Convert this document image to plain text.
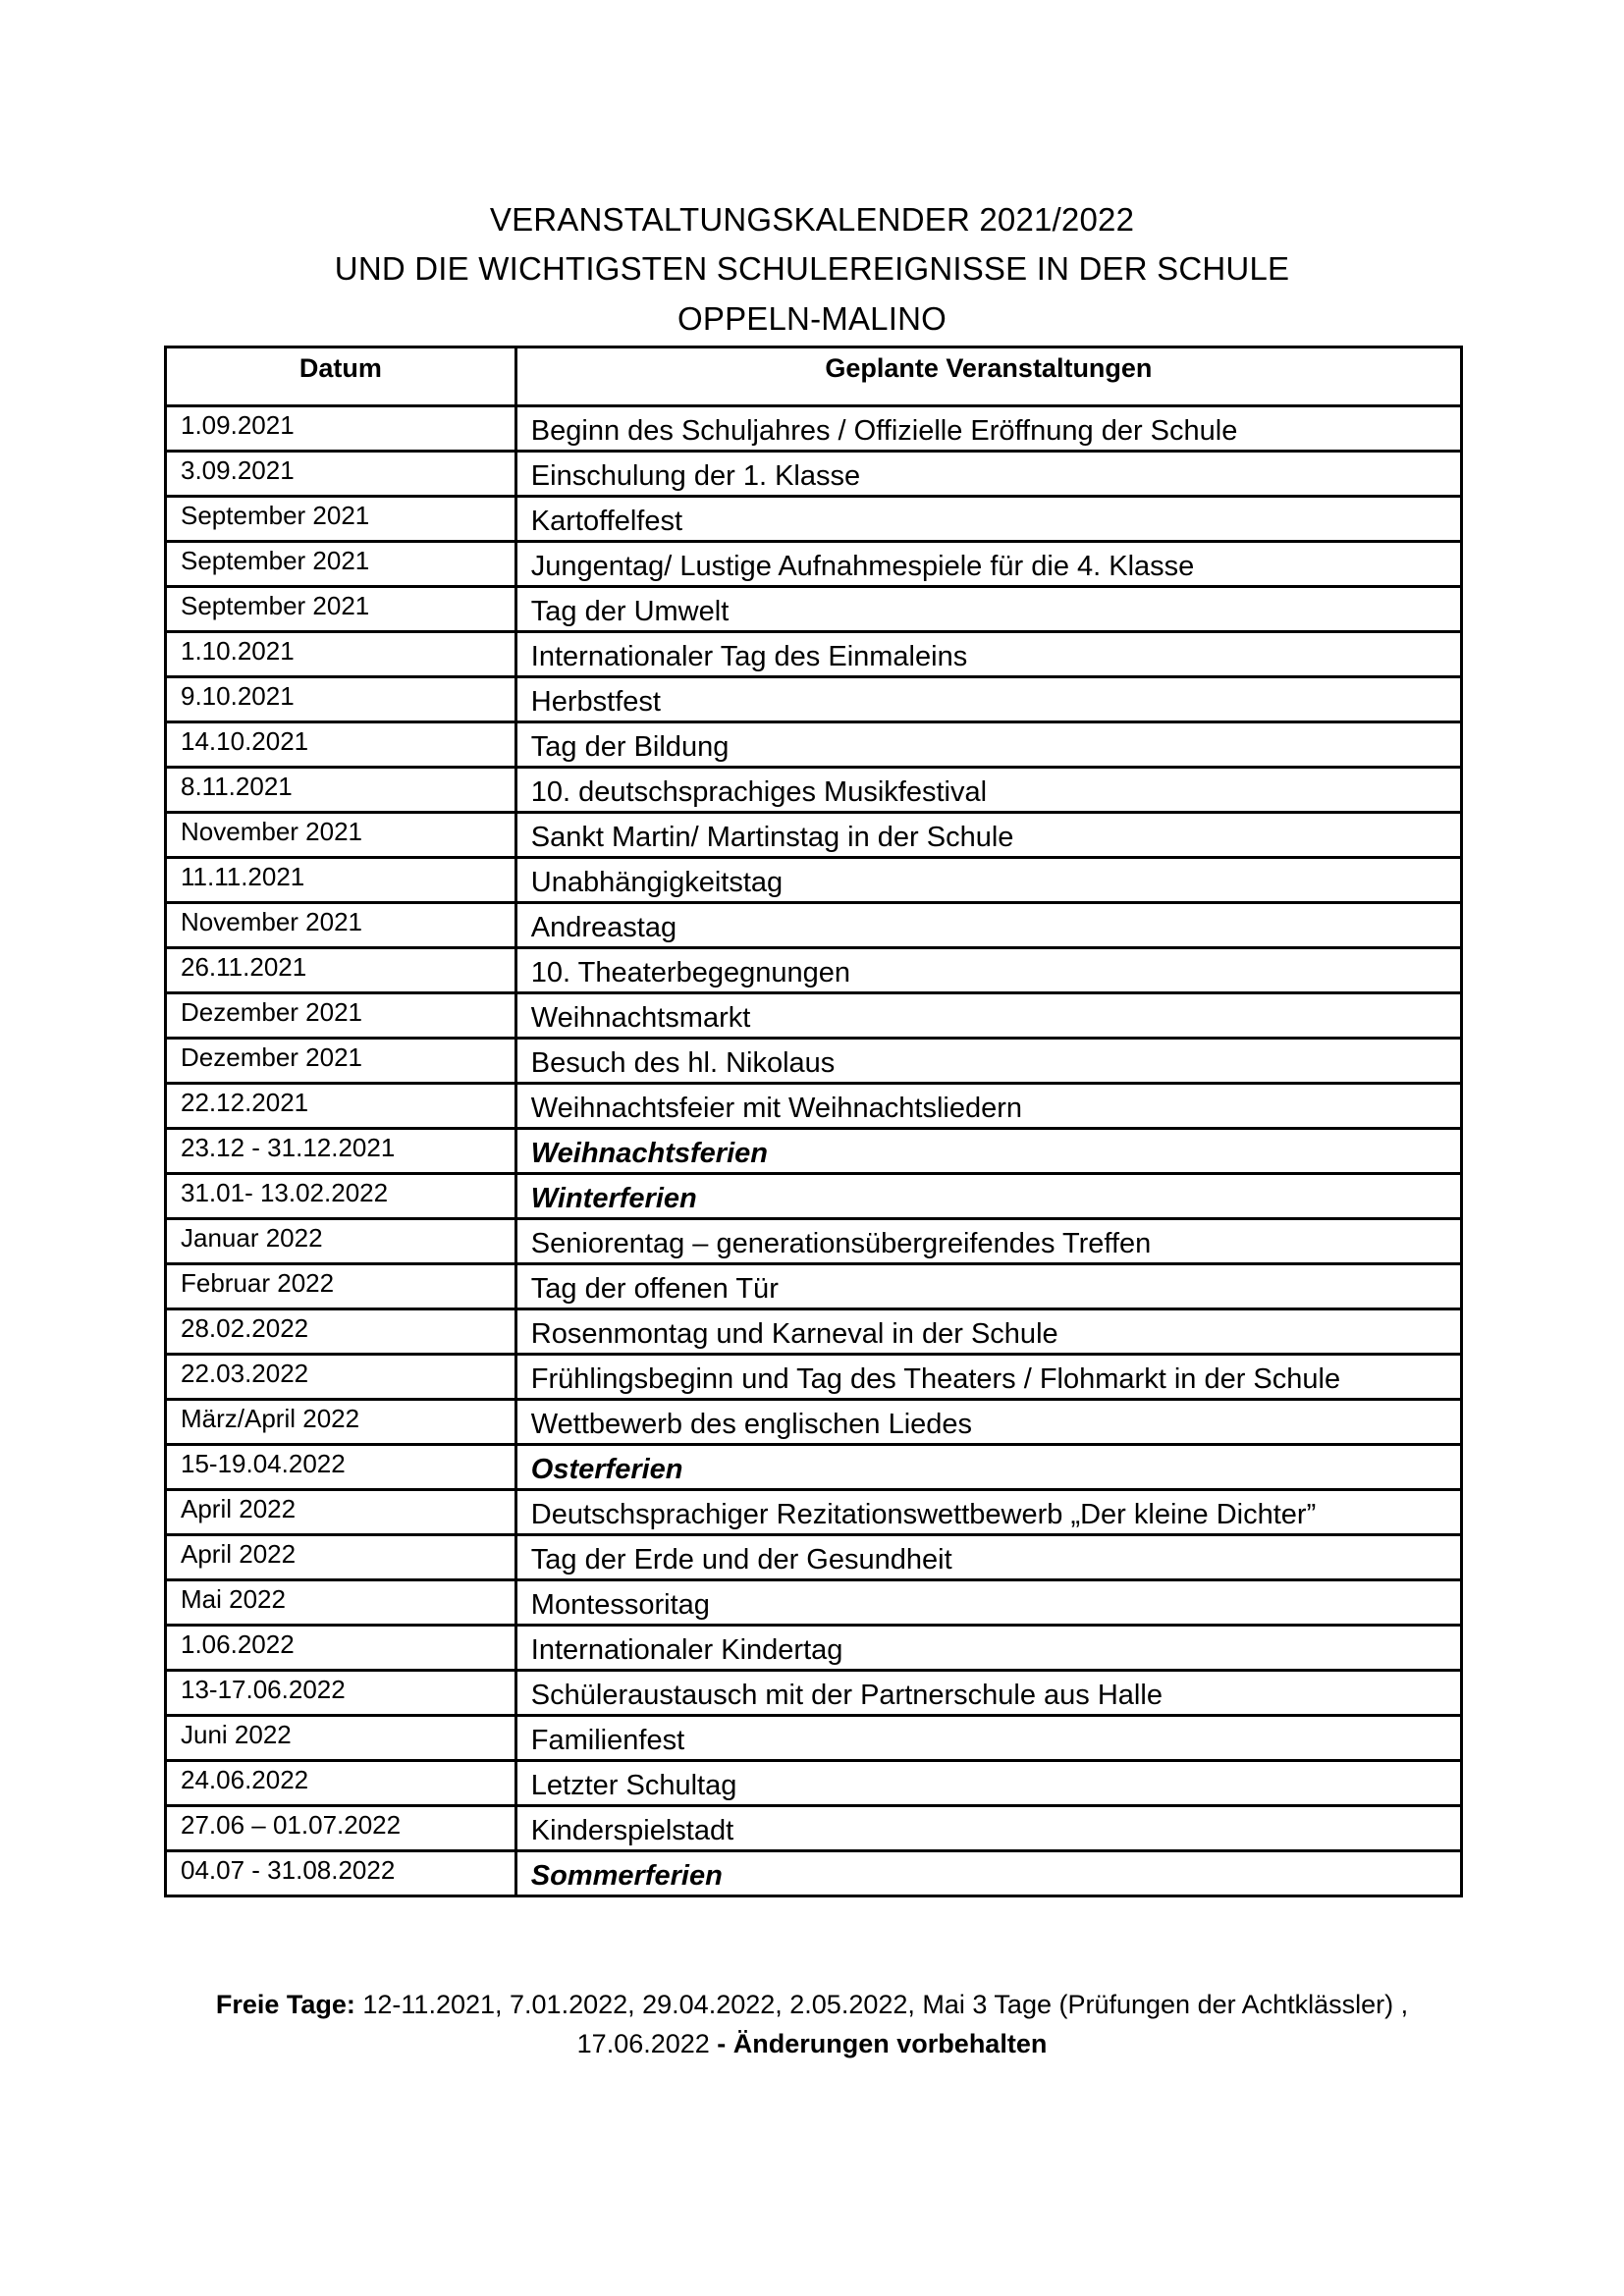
VERANSTALTUNGSKALENDER 2021/2022
UND DIE WICHTIGSTEN SCHULEREIGNISSE IN DER SCHULE
OPPELN-MALINO
Datum	Geplante Veranstaltungen

1.09.2021	Beginn des Schuljahres / Offizielle Eröffnung der Schule

3.09.2021	Einschulung der 1. Klasse

September 2021	Kartoffelfest

September 2021	Jungentag/ Lustige Aufnahmespiele für die 4. Klasse

September 2021	Tag der Umwelt

1.10.2021	Internationaler Tag des Einmaleins

9.10.2021	Herbstfest

14.10.2021	Tag der Bildung

8.11.2021	10. deutschsprachiges Musikfestival

November 2021	Sankt Martin/ Martinstag in der Schule

11.11.2021	Unabhängigkeitstag

November 2021	Andreastag

26.11.2021	10. Theaterbegegnungen

Dezember 2021	Weihnachtsmarkt

Dezember 2021	Besuch des hl. Nikolaus

22.12.2021	Weihnachtsfeier mit Weihnachtsliedern

23.12 - 31.12.2021	Weihnachtsferien

31.01- 13.02.2022	Winterferien

Januar 2022	Seniorentag – generationsübergreifendes Treffen

Februar 2022	Tag der offenen Tür

28.02.2022	Rosenmontag und Karneval in der Schule

22.03.2022	Frühlingsbeginn und Tag des Theaters / Flohmarkt in der Schule

März/April 2022	Wettbewerb des englischen Liedes

15-19.04.2022	Osterferien

April 2022	Deutschsprachiger Rezitationswettbewerb „Der kleine Dichter”

April 2022	Tag der Erde und der Gesundheit

Mai 2022	Montessoritag

1.06.2022	Internationaler Kindertag

13-17.06.2022	Schüleraustausch mit der Partnerschule aus Halle

Juni 2022	Familienfest

24.06.2022	Letzter Schultag

27.06 – 01.07.2022	Kinderspielstadt

04.07 - 31.08.2022	Sommerferien
Freie Tage: 12-11.2021, 7.01.2022, 29.04.2022, 2.05.2022, Mai 3 Tage (Prüfungen der Achtklässler) ,
17.06.2022 - Änderungen vorbehalten
